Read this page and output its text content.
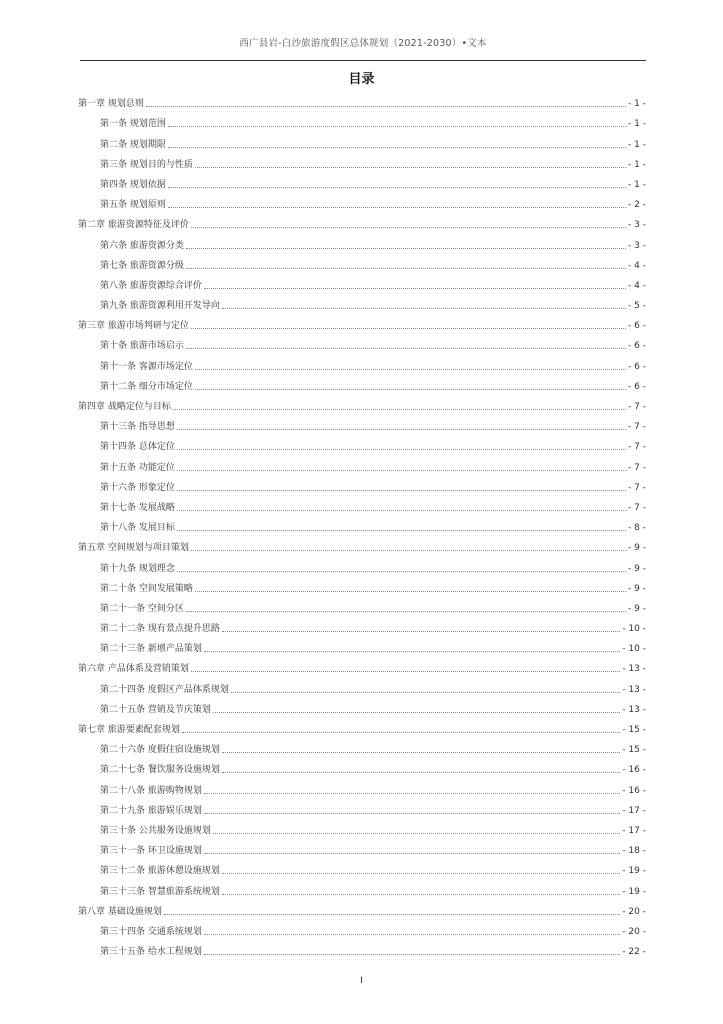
西广县岩-白沙旅游度假区总体规划（2021-2030）•文本
目录
第一章 规划总则	- 1 -
第一条 规划范围	- 1 -
第二条 规划期限	- 1 -
第三条 规划目的与性质	- 1 -
第四条 规划依据	- 1 -
第五条 规划原则	- 2 -
第二章 旅游资源特征及评价	- 3 -
第六条 旅游资源分类	- 3 -
第七条 旅游资源分级	- 4 -
第八条 旅游资源综合评价	- 4 -
第九条 旅游资源利用开发导向	- 5 -
第三章 旅游市场判研与定位	- 6 -
第十条 旅游市场启示	- 6 -
第十一条 客源市场定位	- 6 -
第十二条 细分市场定位	- 6 -
第四章 战略定位与目标	- 7 -
第十三条 指导思想	- 7 -
第十四条 总体定位	- 7 -
第十五条 功能定位	- 7 -
第十六条 形象定位	- 7 -
第十七条 发展战略	- 7 -
第十八条 发展目标	- 8 -
第五章 空间规划与项目策划	- 9 -
第十九条 规划理念	- 9 -
第二十条 空间发展策略	- 9 -
第二十一条 空间分区	- 9 -
第二十二条 现有景点提升思路	- 10 -
第二十三条 新增产品策划	- 10 -
第六章 产品体系及营销策划	- 13 -
第二十四条 度假区产品体系规划	- 13 -
第二十五条 营销及节庆策划	- 13 -
第七章 旅游要素配套规划	- 15 -
第二十六条 度假住宿设施规划	- 15 -
第二十七条 餐饮服务设施规划	- 16 -
第二十八条 旅游购物规划	- 16 -
第二十九条 旅游娱乐规划	- 17 -
第三十条 公共服务设施规划	- 17 -
第三十一条 环卫设施规划	- 18 -
第三十二条 旅游休憩设施规划	- 19 -
第三十三条 智慧旅游系统规划	- 19 -
第八章 基础设施规划	- 20 -
第三十四条 交通系统规划	- 20 -
第三十五条 给水工程规划	- 22 -
I
